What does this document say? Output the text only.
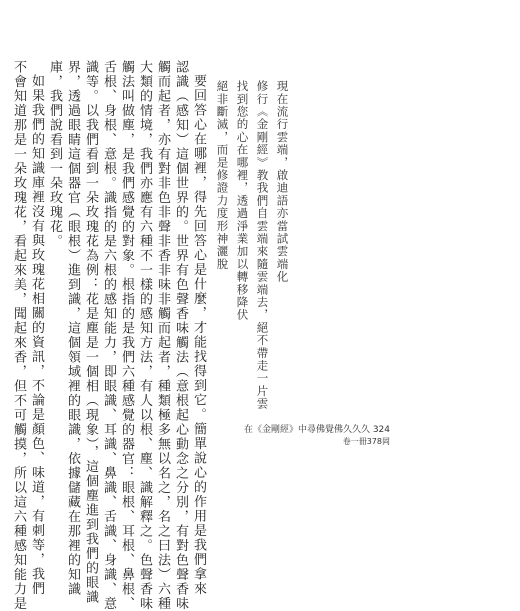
現在流行雲端，啟迪語亦當試雲端化
修行《金剛經》教我們自雲端來隨雲端去，絕不帶走一片雲
找到您的心在哪裡，透過淨業加以轉移降伏
絕非斷滅，而是修證力度形神灑脫
要回答心在哪裡，得先回答心是什麼，才能找得到它。簡單說心的作用是我們拿來
認識（感知）這個世界的。世界有色聲香味觸法（意根起心動念之分別，有對色聲香味
觸而起者，亦有對非色非聲非香非味非觸而起者，種類極多無以名之，名之曰法）六種
大類的情境，我們亦應有六種不一樣的感知方法，有人以根、塵、識解釋之。色聲香味
觸法叫做塵，是我們感覺的對象。根指的是我們六種感覺的器官：眼根、耳根、鼻根、
舌根、身根、意根。識指的是六根的感知能力，即眼識、耳識、鼻識、舌識、身識、意
識等。以我們看到一朵玫瑰花為例：花是塵是一個相（現象），這個塵進到我們的眼識
界，透過眼睛這個器官（眼根）進到識，這個領域裡的眼識，依據儲藏在那裡的知識
庫，我們說看到一朵玫瑰花。
如果我們的知識庫裡沒有與玫瑰花相關的資訊，不論是顏色、味道，有刺等，我們
不會知道那是一朵玫瑰花，看起來美，聞起來香，但不可觸摸，所以這六種感知能力是	在《金剛經》中尋佛覺佛久久久 324
卷一冊378岡
